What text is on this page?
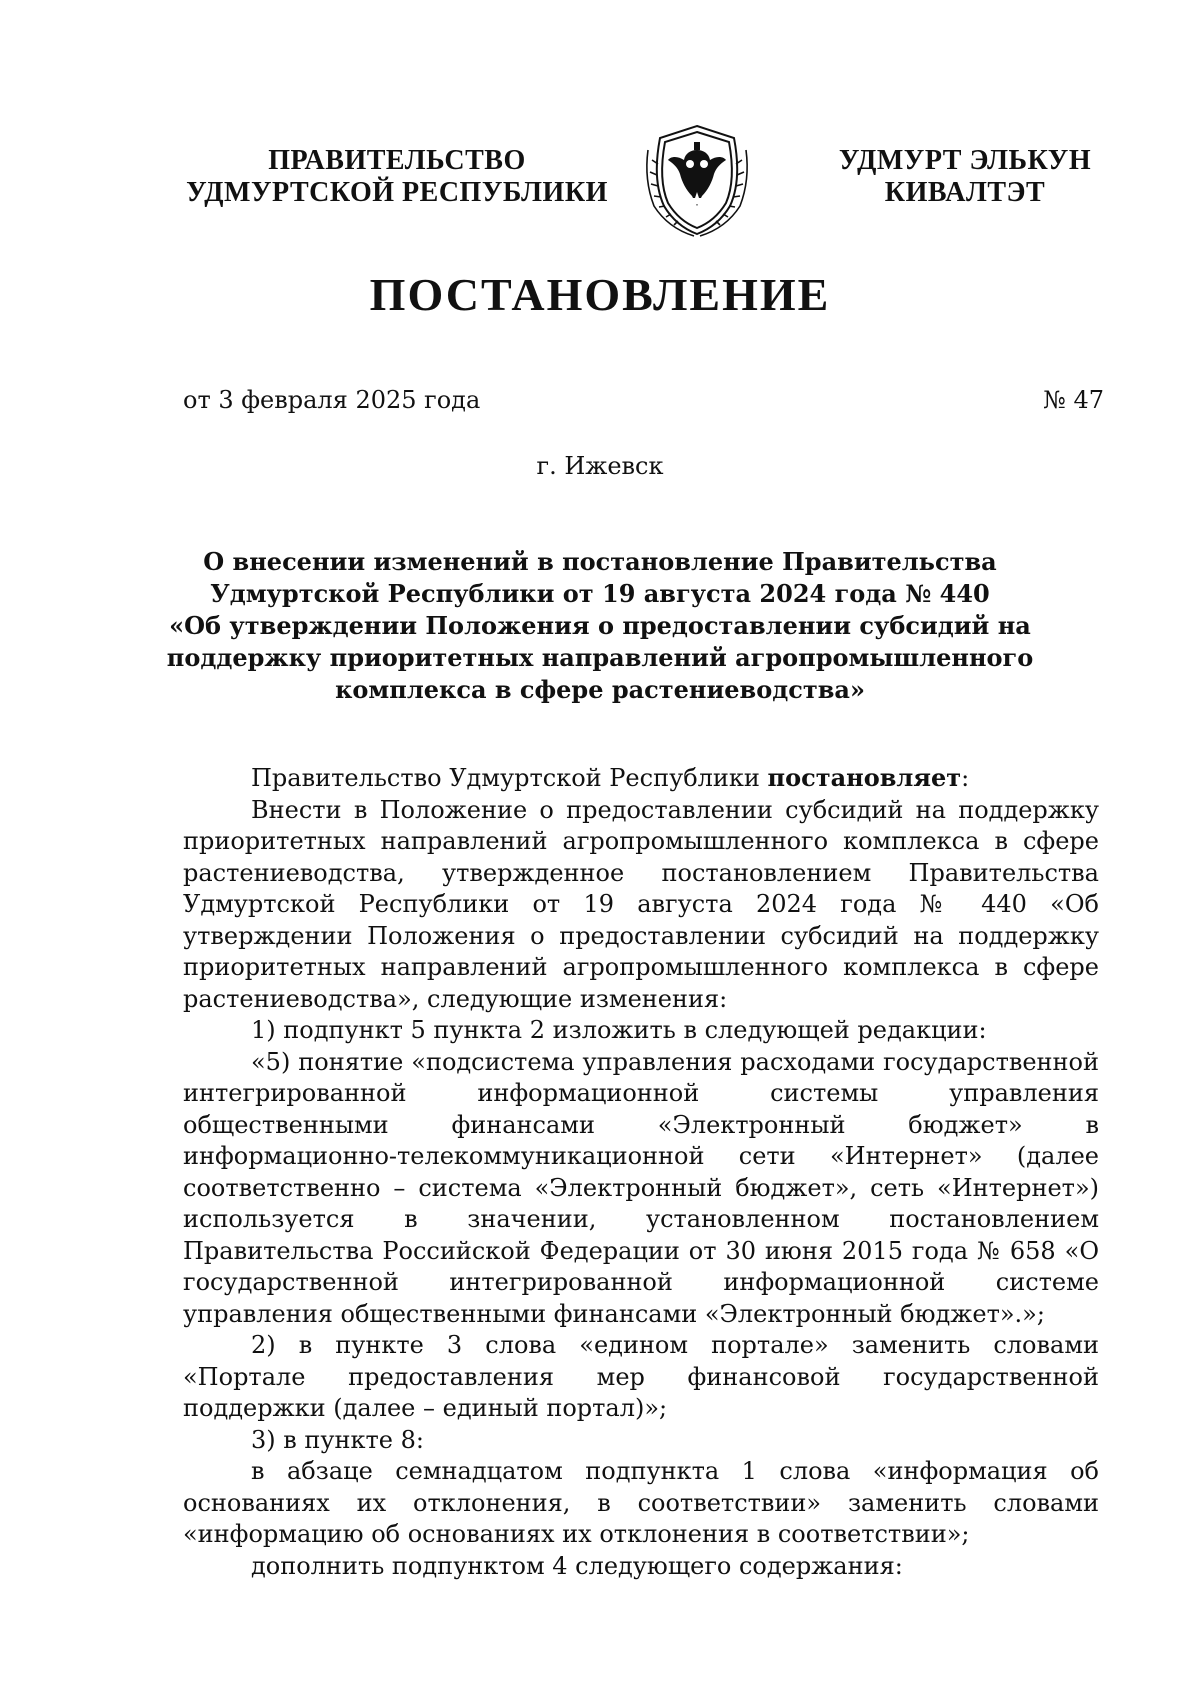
ПРАВИТЕЛЬСТВО
УДМУРТСКОЙ РЕСПУБЛИКИ
УДМУРТ ЭЛЬКУН
КИВАЛТЭТ
ПОСТАНОВЛЕНИЕ
от 3 февраля 2025 года	№ 47
г. Ижевск
О внесении изменений в постановление Правительства
Удмуртской Республики от 19 августа 2024 года № 440
«Об утверждении Положения о предоставлении субсидий на
поддержку приоритетных направлений агропромышленного
комплекса в сфере растениеводства»

Правительство Удмуртской Республики постановляет:

Внести в Положение о предоставлении субсидий на поддержку приоритетных направлений агропромышленного комплекса в сфере растениеводства, утвержденное постановлением Правительства Удмуртской Республики от 19 августа 2024 года № 440 «Об утверждении Положения о предоставлении субсидий на поддержку приоритетных направлений агропромышленного комплекса в сфере растениеводства», следующие изменения:

1) подпункт 5 пункта 2 изложить в следующей редакции:

«5) понятие «подсистема управления расходами государственной интегрированной информационной системы управления общественными финансами «Электронный бюджет» в информационно-телекоммуникационной сети «Интернет» (далее соответственно – система «Электронный бюджет», сеть «Интернет») используется в значении, установленном постановлением Правительства Российской Федерации от 30 июня 2015 года № 658 «О государственной интегрированной информационной системе управления общественными финансами «Электронный бюджет».»;

2) в пункте 3 слова «едином портале» заменить словами «Портале предоставления мер финансовой государственной поддержки (далее – единый портал)»;

3) в пункте 8:

в абзаце семнадцатом подпункта 1 слова «информация об основаниях их отклонения, в соответствии» заменить словами «информацию об основаниях их отклонения в соответствии»;

дополнить подпунктом 4 следующего содержания:
